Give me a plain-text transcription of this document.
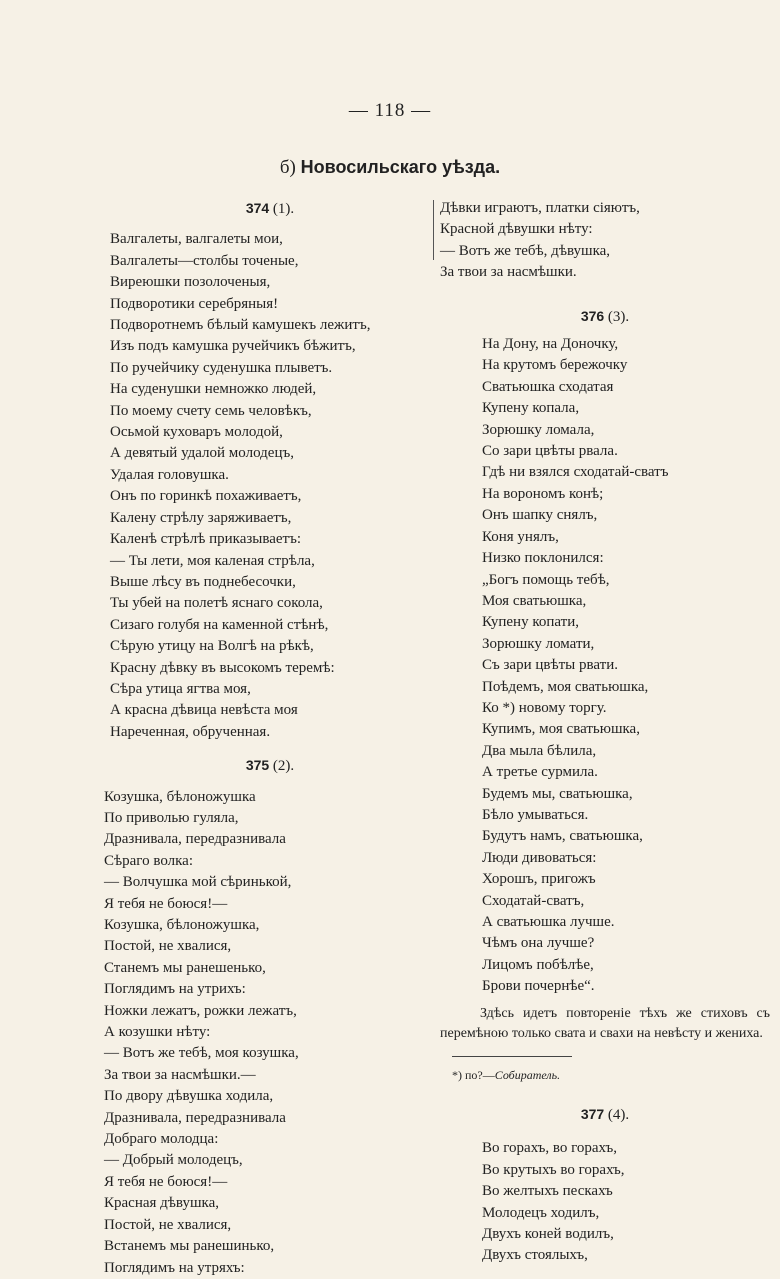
— 118 —
б) Новосильскаго уѣзда.
374 (1).
Валгалеты, валгалеты мои,
Валгалеты—столбы точеные,
Виреюшки позолоченыя,
Подворотики серебряныя!
Подворотнемъ бѣлый камушекъ лежитъ,
Изъ подъ камушка ручейчикъ бѣжитъ,
По ручейчику суденушка плыветъ.
На суденушки немножко людей,
По моему счету семь человѣкъ,
Осьмой куховаръ молодой,
А девятый удалой молодецъ,
Удалая головушка.
Онъ по горинкѣ похаживаетъ,
Калену стрѣлу заряживаетъ,
Каленѣ стрѣлѣ приказываетъ:
— Ты лети, моя каленая стрѣла,
Выше лѣсу въ поднебесочки,
Ты убей на полетѣ яснаго сокола,
Сизаго голубя на каменной стѣнѣ,
Сѣрую утицу на Волгѣ на рѣкѣ,
Красну дѣвку въ высокомъ теремѣ:
Сѣра утица ягтва моя,
А красна дѣвица невѣста моя
Нареченная, обрученная.
375 (2).
Козушка, бѣлоножушка
По приволью гуляла,
Дразнивала, передразнивала
Сѣраго волка:
— Волчушка мой сѣринькой,
Я тебя не боюся!—
Козушка, бѣлоножушка,
Постой, не хвалися,
Станемъ мы ранешенько,
Поглядимъ на утрихъ:
Ножки лежатъ, рожки лежатъ,
А козушки нѣту:
— Вотъ же тебѣ, моя козушка,
За твои за насмѣшки.—
По двору дѣвушка ходила,
Дразнивала, передразнивала
Добраго молодца:
— Добрый молодецъ,
Я тебя не боюся!—
Красная дѣвушка,
Постой, не хвалися,
Встанемъ мы ранешинько,
Поглядимъ на утряхъ:
Дѣвки играютъ, платки сіяютъ,
Красной дѣвушки нѣту:
— Вотъ же тебѣ, дѣвушка,
За твои за насмѣшки.
376 (3).
На Дону, на Доночку,
На крутомъ бережочку
Сватьюшка сходатая
Купену копала,
Зорюшку ломала,
Со зари цвѣты рвала.
Гдѣ ни взялся сходатай-сватъ
На ворономъ конѣ;
Онъ шапку снялъ,
Коня унялъ,
Низко поклонился:
„Богъ помощь тебѣ,
Моя сватьюшка,
Купену копати,
Зорюшку ломати,
Съ зари цвѣты рвати.
Поѣдемъ, моя сватьюшка,
Ко *) новому торгу.
Купимъ, моя сватьюшка,
Два мыла бѣлила,
А третье сурмила.
Будемъ мы, сватьюшка,
Бѣло умываться.
Будутъ намъ, сватьюшка,
Люди дивоваться:
Хорошъ, пригожъ
Сходатай-сватъ,
А сватьюшка лучше.
Чѣмъ она лучше?
Лицомъ побѣлѣе,
Брови почернѣе“.
Здѣсь идетъ повтореніе тѣхъ же стиховъ съ перемѣною только свата и свахи на невѣсту и жениха.
*) по?—Собиратель.
377 (4).
Во горахъ, во горахъ,
Во крутыхъ во горахъ,
Во желтыхъ пескахъ
Молодецъ ходилъ,
Двухъ коней водилъ,
Двухъ стоялыхъ,
